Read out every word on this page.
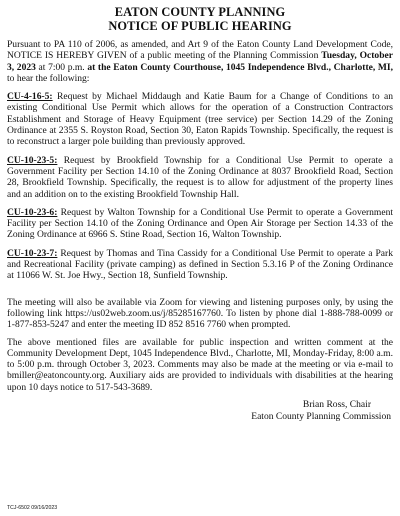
EATON COUNTY PLANNING
NOTICE OF PUBLIC HEARING

Pursuant to PA 110 of 2006, as amended, and Art 9 of the Eaton County Land Development Code, NOTICE IS HEREBY GIVEN of a public meeting of the Planning Commission Tuesday, October 3, 2023 at 7:00 p.m. at the Eaton County Courthouse, 1045 Independence Blvd., Charlotte, MI, to hear the following:

CU-4-16-5: Request by Michael Middaugh and Katie Baum for a Change of Conditions to an existing Conditional Use Permit which allows for the operation of a Construction Contractors Establishment and Storage of Heavy Equipment (tree service) per Section 14.29 of the Zoning Ordinance at 2355 S. Royston Road, Section 30, Eaton Rapids Township. Specifically, the request is to reconstruct a larger pole building than previously approved.

CU-10-23-5: Request by Brookfield Township for a Conditional Use Permit to operate a Government Facility per Section 14.10 of the Zoning Ordinance at 8037 Brookfield Road, Section 28, Brookfield Township. Specifically, the request is to allow for adjustment of the property lines and an addition on to the existing Brookfield Township Hall.

CU-10-23-6: Request by Walton Township for a Conditional Use Permit to operate a Government Facility per Section 14.10 of the Zoning Ordinance and Open Air Storage per Section 14.33 of the Zoning Ordinance at 6966 S. Stine Road, Section 16, Walton Township.

CU-10-23-7: Request by Thomas and Tina Cassidy for a Conditional Use Permit to operate a Park and Recreational Facility (private camping) as defined in Section 5.3.16 P of the Zoning Ordinance at 11066 W. St. Joe Hwy., Section 18, Sunfield Township.

The meeting will also be available via Zoom for viewing and listening purposes only, by using the following link https://us02web.zoom.us/j/85285167760. To listen by phone dial 1-888-788-0099 or 1-877-853-5247 and enter the meeting ID 852 8516 7760 when prompted.

The above mentioned files are available for public inspection and written comment at the Community Development Dept, 1045 Independence Blvd., Charlotte, MI, Monday-Friday, 8:00 a.m. to 5:00 p.m. through October 3, 2023. Comments may also be made at the meeting or via e-mail to bmiller@eatoncounty.org. Auxiliary aids are provided to individuals with disabilities at the hearing upon 10 days notice to 517-543-3689.

Brian Ross, Chair
Eaton County Planning Commission
TCJ-6502 09/16/2023
